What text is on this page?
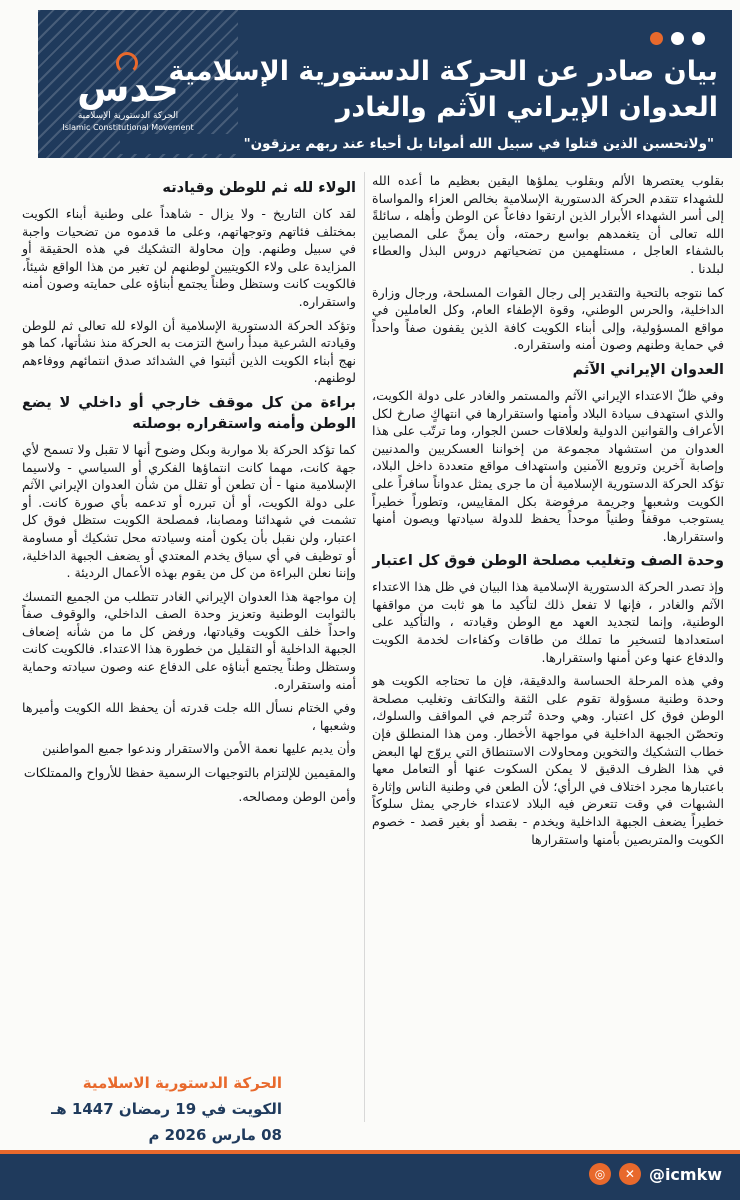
حدس
الحركة الدستورية الإسلامية
Islamic Constitutional Movement
بيان صادر عن الحركة الدستورية الإسلامية
العدوان الإيراني الآثم والغادر
"ولاتحسبن الذين قتلوا في سبيل الله أمواتا بل أحياء عند ربهم يرزقون"

بقلوب يعتصرها الألم وبقلوب يملؤها اليقين بعظيم ما أعده الله للشهداء تتقدم الحركة الدستورية الإسلامية بخالص العزاء والمواساة إلى أسر الشهداء الأبرار الذين ارتقوا دفاعاً عن الوطن وأهله ، سائلةً الله تعالى أن يتغمدهم بواسع رحمته، وأن يمنَّ على المصابين بالشفاء العاجل ، مستلهمين من تضحياتهم دروس البذل والعطاء لبلدنا .

كما نتوجه بالتحية والتقدير إلى رجال القوات المسلحة، ورجال وزارة الداخلية، والحرس الوطني، وقوة الإطفاء العام، وكل العاملين في مواقع المسؤولية، وإلى أبناء الكويت كافة الذين يقفون صفاً واحداً في حماية وطنهم وصون أمنه واستقراره.

العدوان الإيراني الآثم

وفي ظلّ الاعتداء الإيراني الآثم والمستمر والغادر على دولة الكويت، والذي استهدف سيادة البلاد وأمنها واستقرارها في انتهاكٍ صارخ لكل الأعراف والقوانين الدولية ولعلاقات حسن الجوار، وما ترتّب على هذا العدوان من استشهاد مجموعة من إخواننا العسكريين والمدنيين وإصابة آخرين وترويع الآمنين واستهداف مواقع متعددة داخل البلاد، تؤكد الحركة الدستورية الإسلامية أن ما جرى يمثل عدواناً سافراً على الكويت وشعبها وجريمة مرفوضة بكل المقاييس، وتطوراً خطيراً يستوجب موقفاً وطنياً موحداً يحفظ للدولة سيادتها ويصون أمنها واستقرارها.

وحدة الصف وتغليب مصلحة الوطن فوق كل اعتبار

وإذ تصدر الحركة الدستورية الإسلامية هذا البيان في ظل هذا الاعتداء الآثم والغادر ، فإنها لا تفعل ذلك لتأكيد ما هو ثابت من مواقفها الوطنية، وإنما لتجديد العهد مع الوطن وقيادته ، والتأكيد على استعدادها لتسخير ما تملك من طاقات وكفاءات لخدمة الكويت والدفاع عنها وعن أمنها واستقرارها.

وفي هذه المرحلة الحساسة والدقيقة، فإن ما تحتاجه الكويت هو وحدة وطنية مسؤولة تقوم على الثقة والتكاتف وتغليب مصلحة الوطن فوق كل اعتبار. وهي وحدة تُترجم في المواقف والسلوك، وتحصّن الجبهة الداخلية في مواجهة الأخطار. ومن هذا المنطلق فإن خطاب التشكيك والتخوين ومحاولات الاستنطاق التي يروّج لها البعض في هذا الظرف الدقيق لا يمكن السكوت عنها أو التعامل معها باعتبارها مجرد اختلاف في الرأي؛ لأن الطعن في وطنية الناس وإثارة الشبهات في وقت تتعرض فيه البلاد لاعتداء خارجي يمثل سلوكاً خطيراً يضعف الجبهة الداخلية ويخدم - بقصد أو بغير قصد - خصوم الكويت والمتربصين بأمنها واستقرارها

الولاء لله ثم للوطن وقيادته

لقد كان التاريخ - ولا يزال - شاهداً على وطنية أبناء الكويت بمختلف فئاتهم وتوجهاتهم، وعلى ما قدموه من تضحيات واجبة في سبيل وطنهم. وإن محاولة التشكيك في هذه الحقيقة أو المزايدة على ولاء الكويتيين لوطنهم لن تغير من هذا الواقع شيئاً، فالكويت كانت وستظل وطناً يجتمع أبناؤه على حمايته وصون أمنه واستقراره.

وتؤكد الحركة الدستورية الإسلامية أن الولاء لله تعالى ثم للوطن وقيادته الشرعية مبدأ راسخ التزمت به الحركة منذ نشأتها، كما هو نهج أبناء الكويت الذين أثبتوا في الشدائد صدق انتمائهم ووفاءهم لوطنهم.

براءة من كل موقف خارجي أو داخلي لا يضع الوطن وأمنه واستقراره بوصلته

كما تؤكد الحركة بلا مواربة وبكل وضوح أنها لا تقبل ولا تسمح لأي جهة كانت، مهما كانت انتماؤها الفكري أو السياسي - ولاسيما الإسلامية منها - أن تطعن أو تقلل من شأن العدوان الإيراني الآثم على دولة الكويت، أو أن تبرره أو تدعمه بأي صورة كانت. أو تشمت في شهدائنا ومصابنا، فمصلحة الكويت ستظل فوق كل اعتبار، ولن نقبل بأن يكون أمنه وسيادته محل تشكيك أو مساومة أو توظيف في أي سياق يخدم المعتدي أو يضعف الجبهة الداخلية، وإننا نعلن البراءة من كل من يقوم بهذه الأعمال الرديئة .

إن مواجهة هذا العدوان الإيراني الغادر تتطلب من الجميع التمسك بالثوابت الوطنية وتعزيز وحدة الصف الداخلي، والوقوف صفاً واحداً خلف الكويت وقيادتها، ورفض كل ما من شأنه إضعاف الجبهة الداخلية أو التقليل من خطورة هذا الاعتداء. فالكويت كانت وستظل وطناً يجتمع أبناؤه على الدفاع عنه وصون سيادته وحماية أمنه واستقراره.

وفي الختام نسأل الله جلت قدرته أن يحفظ الله الكويت وأميرها وشعبها ،

وأن يديم عليها نعمة الأمن والاستقرار وندعوا جميع المواطنين

والمقيمين للإلتزام بالتوجيهات الرسمية حفظا للأرواح والممتلكات

وأمن الوطن ومصالحه.

الحركة الدستورية الاسلامية
الكويت في 19 رمضان 1447 هـ
08 مارس 2026 م
◎	✕ @icmkw
